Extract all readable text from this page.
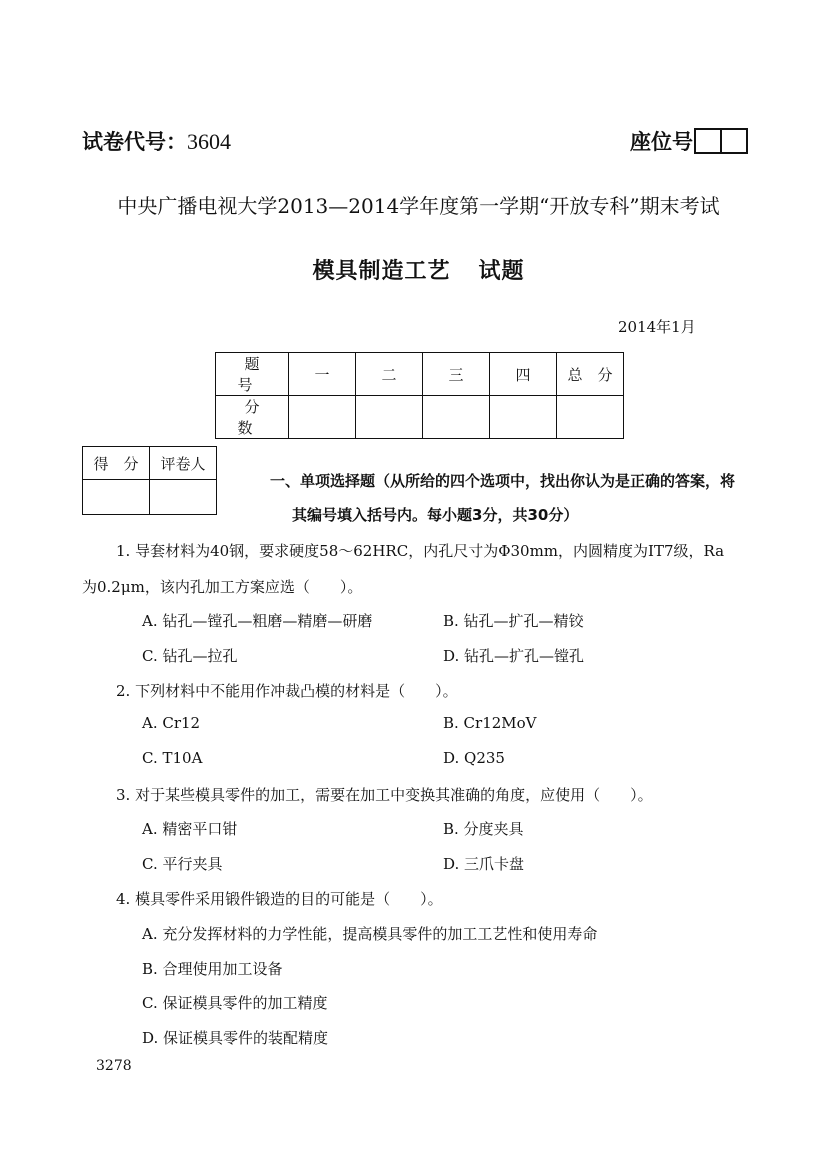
试卷代号：3604	座位号
中央广播电视大学2013—2014学年度第一学期“开放专科”期末考试
模具制造工艺 试题
2014年1月
题　号	一	二	三	四	总　分
分　数					
得　分	评卷人

一、单项选择题（从所给的四个选项中，找出你认为是正确的答案，将
其编号填入括号内。每小题3分，共30分）
1. 导套材料为40钢，要求硬度58～62HRC，内孔尺寸为Φ30mm，内圆精度为IT7级，Ra
为0.2μm，该内孔加工方案应选（　　）。
A. 钻孔—镗孔—粗磨—精磨—研磨	B. 钻孔—扩孔—精铰
C. 钻孔—拉孔	D. 钻孔—扩孔—镗孔
2. 下列材料中不能用作冲裁凸模的材料是（　　）。
A. Cr12	B. Cr12MoV
C. T10A	D. Q235
3. 对于某些模具零件的加工，需要在加工中变换其准确的角度，应使用（　　）。
A. 精密平口钳	B. 分度夹具
C. 平行夹具	D. 三爪卡盘
4. 模具零件采用锻件锻造的目的可能是（　　）。
A. 充分发挥材料的力学性能，提高模具零件的加工工艺性和使用寿命
B. 合理使用加工设备
C. 保证模具零件的加工精度
D. 保证模具零件的装配精度
3278
